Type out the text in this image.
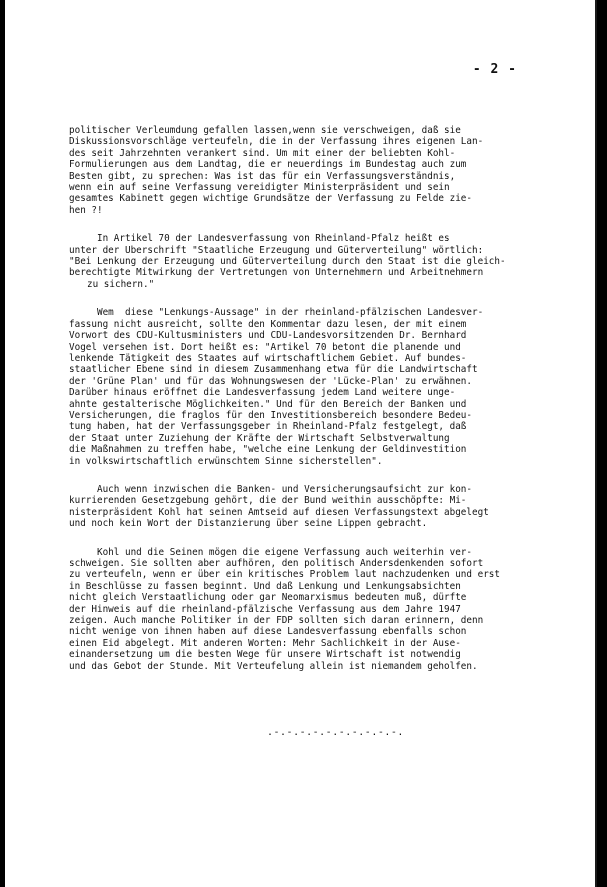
- 2 -
politischer Verleumdung gefallen lassen,wenn sie verschweigen, daß sie
Diskussionsvorschläge verteufeln, die in der Verfassung ihres eigenen Lan-
des seit Jahrzehnten verankert sind. Um mit einer der beliebten Kohl-
Formulierungen aus dem Landtag, die er neuerdings im Bundestag auch zum
Besten gibt, zu sprechen: Was ist das für ein Verfassungsverständnis,
wenn ein auf seine Verfassung vereidigter Ministerpräsident und sein
gesamtes Kabinett gegen wichtige Grundsätze der Verfassung zu Felde zie-
hen ?!
In Artikel 70 der Landesverfassung von Rheinland-Pfalz heißt es
unter der Überschrift "Staatliche Erzeugung und Güterverteilung" wörtlich:
"Bei Lenkung der Erzeugung und Güterverteilung durch den Staat ist die gleich-
berechtigte Mitwirkung der Vertretungen von Unternehmern und Arbeitnehmern
zu sichern."
Wem  diese "Lenkungs-Aussage" in der rheinland-pfälzischen Landesver-
fassung nicht ausreicht, sollte den Kommentar dazu lesen, der mit einem
Vorwort des CDU-Kultusministers und CDU-Landesvorsitzenden Dr. Bernhard
Vogel versehen ist. Dort heißt es: "Artikel 70 betont die planende und
lenkende Tätigkeit des Staates auf wirtschaftlichem Gebiet. Auf bundes-
staatlicher Ebene sind in diesem Zusammenhang etwa für die Landwirtschaft
der 'Grüne Plan' und für das Wohnungswesen der 'Lücke-Plan' zu erwähnen.
Darüber hinaus eröffnet die Landesverfassung jedem Land weitere unge-
ahnte gestalterische Möglichkeiten." Und für den Bereich der Banken und
Versicherungen, die fraglos für den Investitionsbereich besondere Bedeu-
tung haben, hat der Verfassungsgeber in Rheinland-Pfalz festgelegt, daß
der Staat unter Zuziehung der Kräfte der Wirtschaft Selbstverwaltung
die Maßnahmen zu treffen habe, "welche eine Lenkung der Geldinvestition
in volkswirtschaftlich erwünschtem Sinne sicherstellen".
Auch wenn inzwischen die Banken- und Versicherungsaufsicht zur kon-
kurrierenden Gesetzgebung gehört, die der Bund weithin ausschöpfte: Mi-
nisterpräsident Kohl hat seinen Amtseid auf diesen Verfassungstext abgelegt
und noch kein Wort der Distanzierung über seine Lippen gebracht.
Kohl und die Seinen mögen die eigene Verfassung auch weiterhin ver-
schweigen. Sie sollten aber aufhören, den politisch Andersdenkenden sofort
zu verteufeln, wenn er über ein kritisches Problem laut nachzudenken und erst
in Beschlüsse zu fassen beginnt. Und daß Lenkung und Lenkungsabsichten
nicht gleich Verstaatlichung oder gar Neomarxismus bedeuten muß, dürfte
der Hinweis auf die rheinland-pfälzische Verfassung aus dem Jahre 1947
zeigen. Auch manche Politiker in der FDP sollten sich daran erinnern, denn
nicht wenige von ihnen haben auf diese Landesverfassung ebenfalls schon
einen Eid abgelegt. Mit anderen Worten: Mehr Sachlichkeit in der Ause-
einandersetzung um die besten Wege für unsere Wirtschaft ist notwendig
und das Gebot der Stunde. Mit Verteufelung allein ist niemandem geholfen.
.-.-.-.-.-.-.-.-.-.-.
